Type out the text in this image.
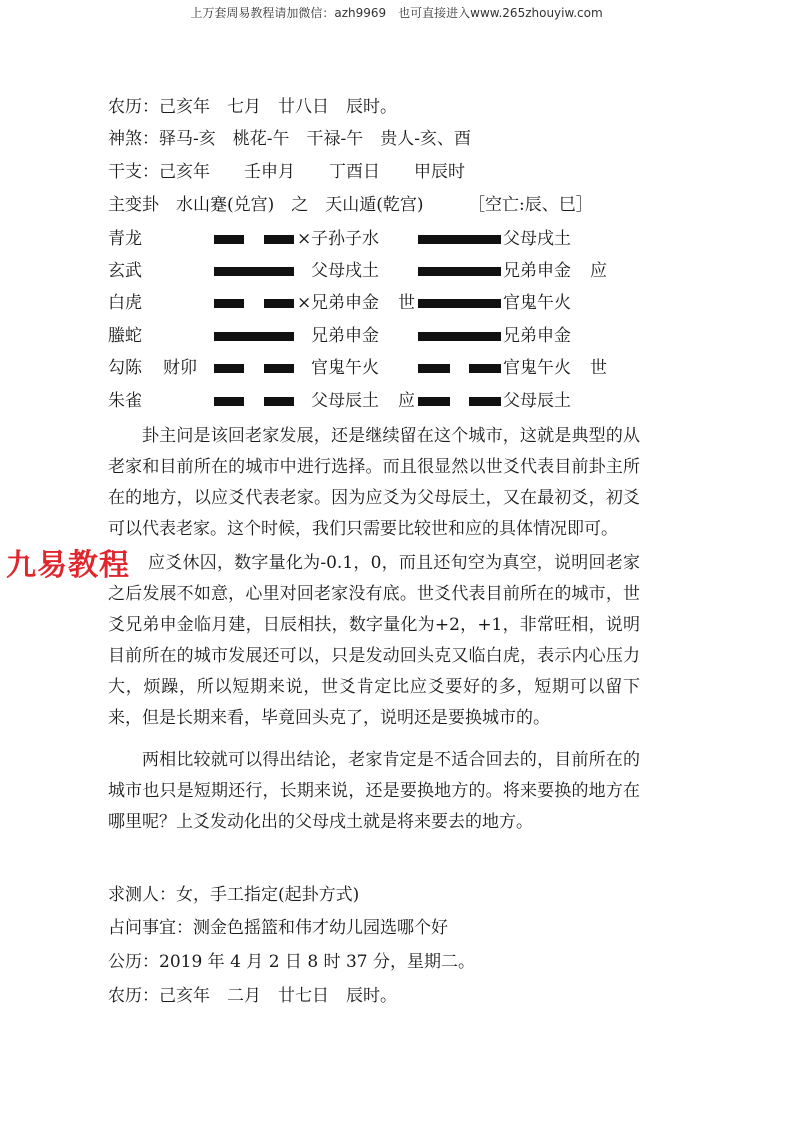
上万套周易教程请加微信：azh9969　也可直接进入www.265zhouyiw.com
九易教程
农历：己亥年　七月　廿八日　辰时。
神煞：驿马-亥　桃花-午　干禄-午　贵人-亥、酉
干支：己亥年　　壬申月　　丁酉日　　甲辰时
主变卦　水山蹇(兑宫)　之　天山遁(乾宫)	［空亡:辰、巳］
青龙	× 子孙子水	父母戌土
玄武	父母戌土	兄弟申金 应
白虎	× 兄弟申金 世	官鬼午火
螣蛇	兄弟申金	兄弟申金
勾陈 财卯	官鬼午火	官鬼午火 世
朱雀	父母辰土 应	父母辰土

卦主问是该回老家发展，还是继续留在这个城市，这就是典型的从老家和目前所在的城市中进行选择。而且很显然以世爻代表目前卦主所在的地方，以应爻代表老家。因为应爻为父母辰土，又在最初爻，初爻可以代表老家。这个时候，我们只需要比较世和应的具体情况即可。

应爻休囚，数字量化为-0.1，0，而且还旬空为真空，说明回老家之后发展不如意，心里对回老家没有底。世爻代表目前所在的城市，世爻兄弟申金临月建，日辰相扶，数字量化为+2，+1，非常旺相，说明目前所在的城市发展还可以，只是发动回头克又临白虎，表示内心压力大，烦躁，所以短期来说，世爻肯定比应爻要好的多，短期可以留下来，但是长期来看，毕竟回头克了，说明还是要换城市的。

两相比较就可以得出结论，老家肯定是不适合回去的，目前所在的城市也只是短期还行，长期来说，还是要换地方的。将来要换的地方在哪里呢？上爻发动化出的父母戌土就是将来要去的地方。

求测人：女，手工指定(起卦方式)
占问事宜：测金色摇篮和伟才幼儿园选哪个好
公历：2019 年 4 月 2 日 8 时 37 分，星期二。
农历：己亥年　二月　廿七日　辰时。
